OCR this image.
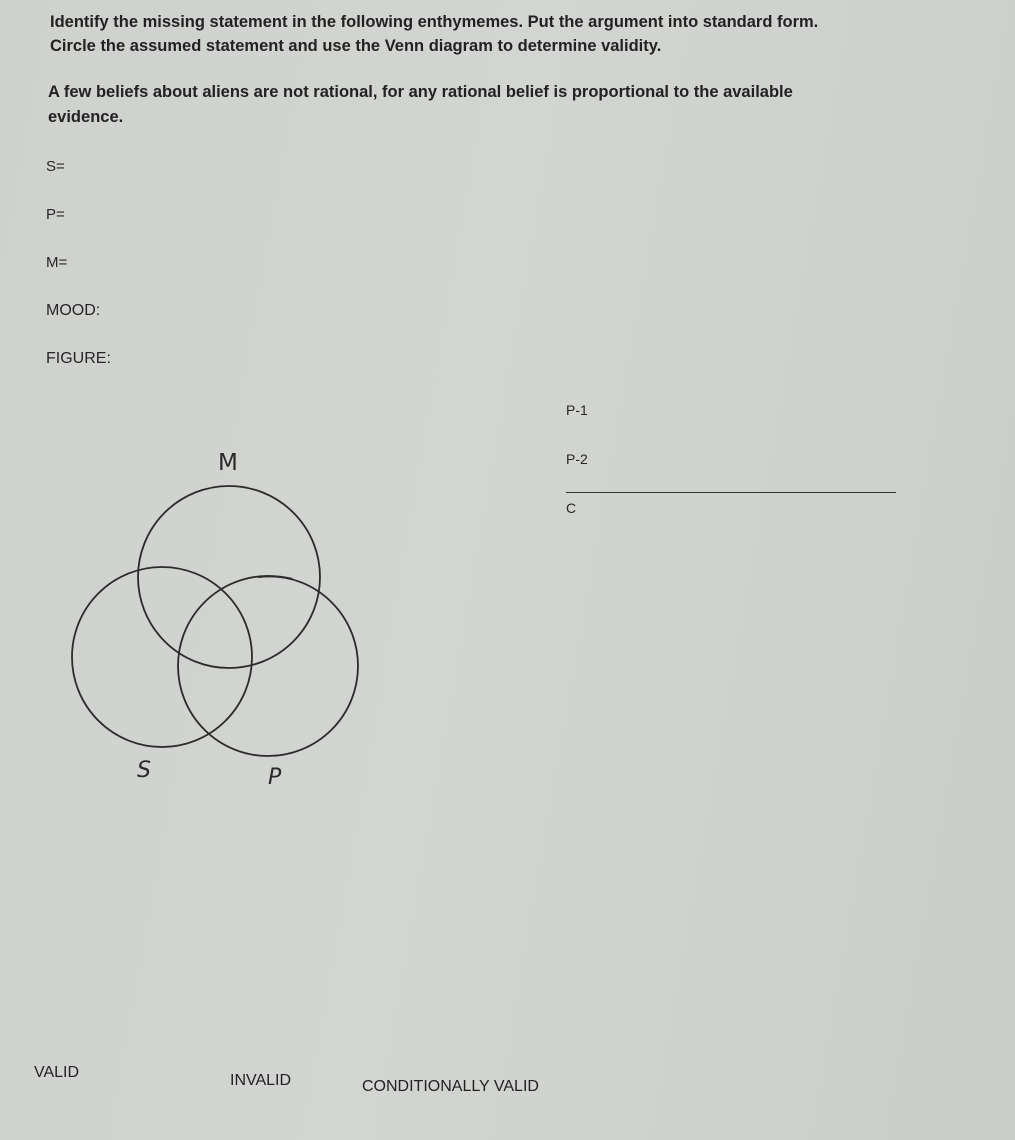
Identify the missing statement in the following enthymemes. Put the argument into standard form.

Circle the assumed statement and use the Venn diagram to determine validity.

A few beliefs about aliens are not rational, for any rational belief is proportional to the available
evidence.
S=
P=
M=
MOOD:
FIGURE:
P-1
P-2
C
M
S	P
VALID	INVALID	CONDITIONALLY VALID
